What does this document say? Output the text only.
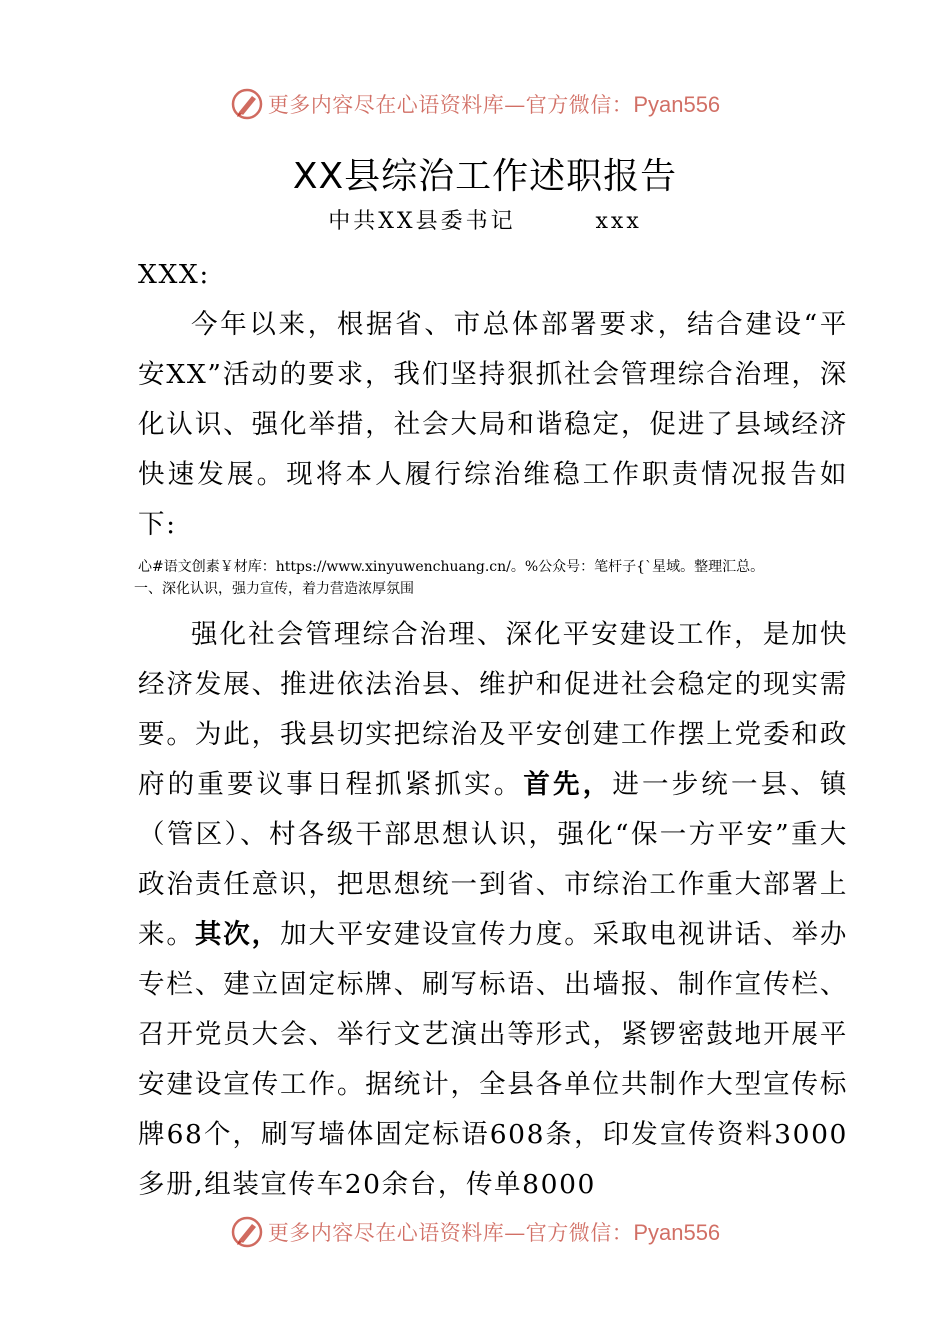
更多内容尽在心语资料库—官方微信：Pyan556
XX县综治工作述职报告
中共XX县委书记        xxx

XXX:

今年以来，根据省、市总体部署要求，结合建设“平安XX”活动的要求，我们坚持狠抓社会管理综合治理，深化认识、强化举措，社会大局和谐稳定，促进了县域经济快速发展。现将本人履行综治维稳工作职责情况报告如下:

心#语文创素￥材库：https://www.xinyuwenchuang.cn/。%公众号：笔杆子{`星域。整理汇总。

一、深化认识，强力宣传，着力营造浓厚氛围

强化社会管理综合治理、深化平安建设工作，是加快经济发展、推进依法治县、维护和促进社会稳定的现实需要。为此，我县切实把综治及平安创建工作摆上党委和政府的重要议事日程抓紧抓实。首先，进一步统一县、镇（管区）、村各级干部思想认识，强化“保一方平安”重大政治责任意识，把思想统一到省、市综治工作重大部署上来。其次，加大平安建设宣传力度。采取电视讲话、举办专栏、建立固定标牌、刷写标语、出墙报、制作宣传栏、召开党员大会、举行文艺演出等形式，紧锣密鼓地开展平安建设宣传工作。据统计，全县各单位共制作大型宣传标牌68个，刷写墙体固定标语608条，印发宣传资料3000多册,组装宣传车20余台，传单8000

更多内容尽在心语资料库—官方微信：Pyan556
